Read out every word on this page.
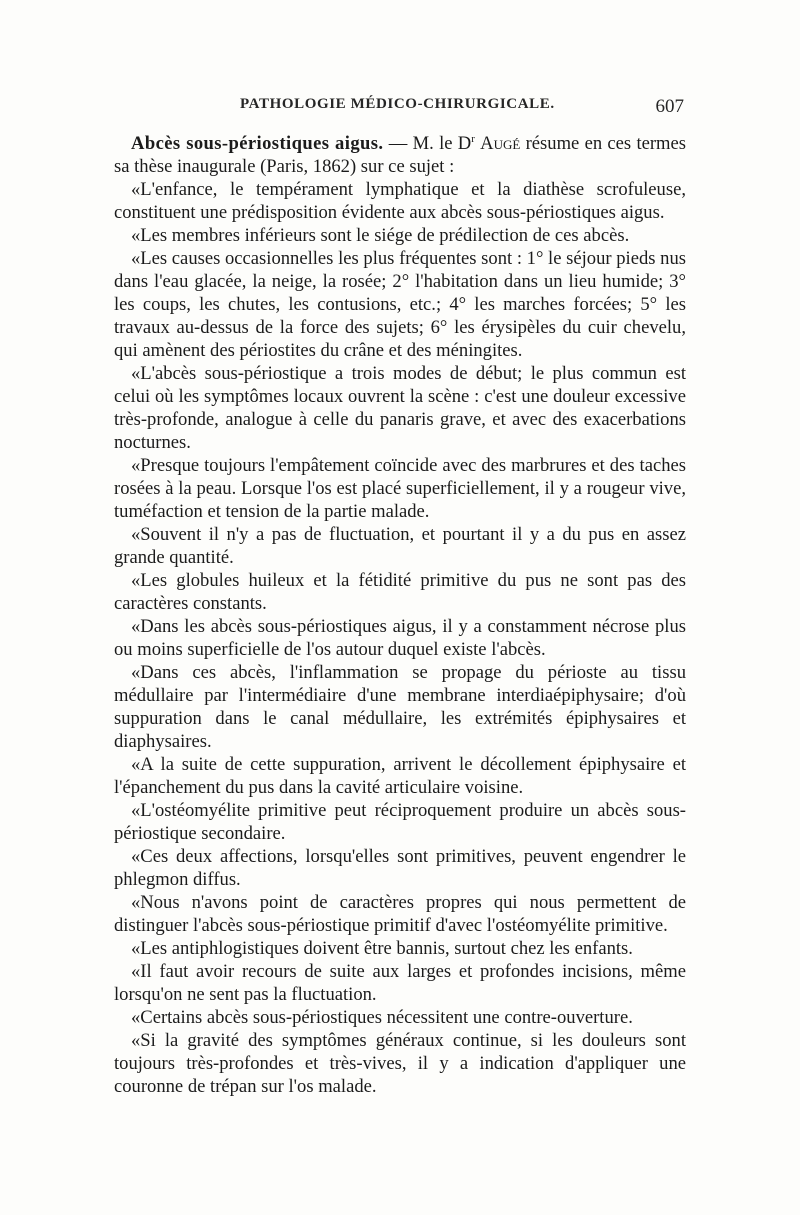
PATHOLOGIE MÉDICO-CHIRURGICALE.	607

Abcès sous-périostiques aigus. — M. le $D^r$ Augé résume en ces termes sa thèse inaugurale (Paris, 1862) sur ce sujet :

«L'enfance, le tempérament lymphatique et la diathèse scrofuleuse, constituent une prédisposition évidente aux abcès sous-périostiques aigus.

«Les membres inférieurs sont le siége de prédilection de ces abcès.

«Les causes occasionnelles les plus fréquentes sont : 1° le séjour pieds nus dans l'eau glacée, la neige, la rosée; 2° l'habitation dans un lieu humide; 3° les coups, les chutes, les contusions, etc.; 4° les marches forcées; 5° les travaux au-dessus de la force des sujets; 6° les érysipèles du cuir chevelu, qui amènent des périostites du crâne et des méningites.

«L'abcès sous-périostique a trois modes de début; le plus commun est celui où les symptômes locaux ouvrent la scène : c'est une douleur excessive très-profonde, analogue à celle du panaris grave, et avec des exacerbations nocturnes.

«Presque toujours l'empâtement coïncide avec des marbrures et des taches rosées à la peau. Lorsque l'os est placé superficiellement, il y a rougeur vive, tuméfaction et tension de la partie malade.

«Souvent il n'y a pas de fluctuation, et pourtant il y a du pus en assez grande quantité.

«Les globules huileux et la fétidité primitive du pus ne sont pas des caractères constants.

«Dans les abcès sous-périostiques aigus, il y a constamment nécrose plus ou moins superficielle de l'os autour duquel existe l'abcès.

«Dans ces abcès, l'inflammation se propage du périoste au tissu médullaire par l'intermédiaire d'une membrane interdiaépiphysaire; d'où suppuration dans le canal médullaire, les extrémités épiphysaires et diaphysaires.

«A la suite de cette suppuration, arrivent le décollement épiphysaire et l'épanchement du pus dans la cavité articulaire voisine.

«L'ostéomyélite primitive peut réciproquement produire un abcès sous-périostique secondaire.

«Ces deux affections, lorsqu'elles sont primitives, peuvent engendrer le phlegmon diffus.

«Nous n'avons point de caractères propres qui nous permettent de distinguer l'abcès sous-périostique primitif d'avec l'ostéomyélite primitive.

«Les antiphlogistiques doivent être bannis, surtout chez les enfants.

«Il faut avoir recours de suite aux larges et profondes incisions, même lorsqu'on ne sent pas la fluctuation.

«Certains abcès sous-périostiques nécessitent une contre-ouverture.

«Si la gravité des symptômes généraux continue, si les douleurs sont toujours très-profondes et très-vives, il y a indication d'appliquer une couronne de trépan sur l'os malade.
